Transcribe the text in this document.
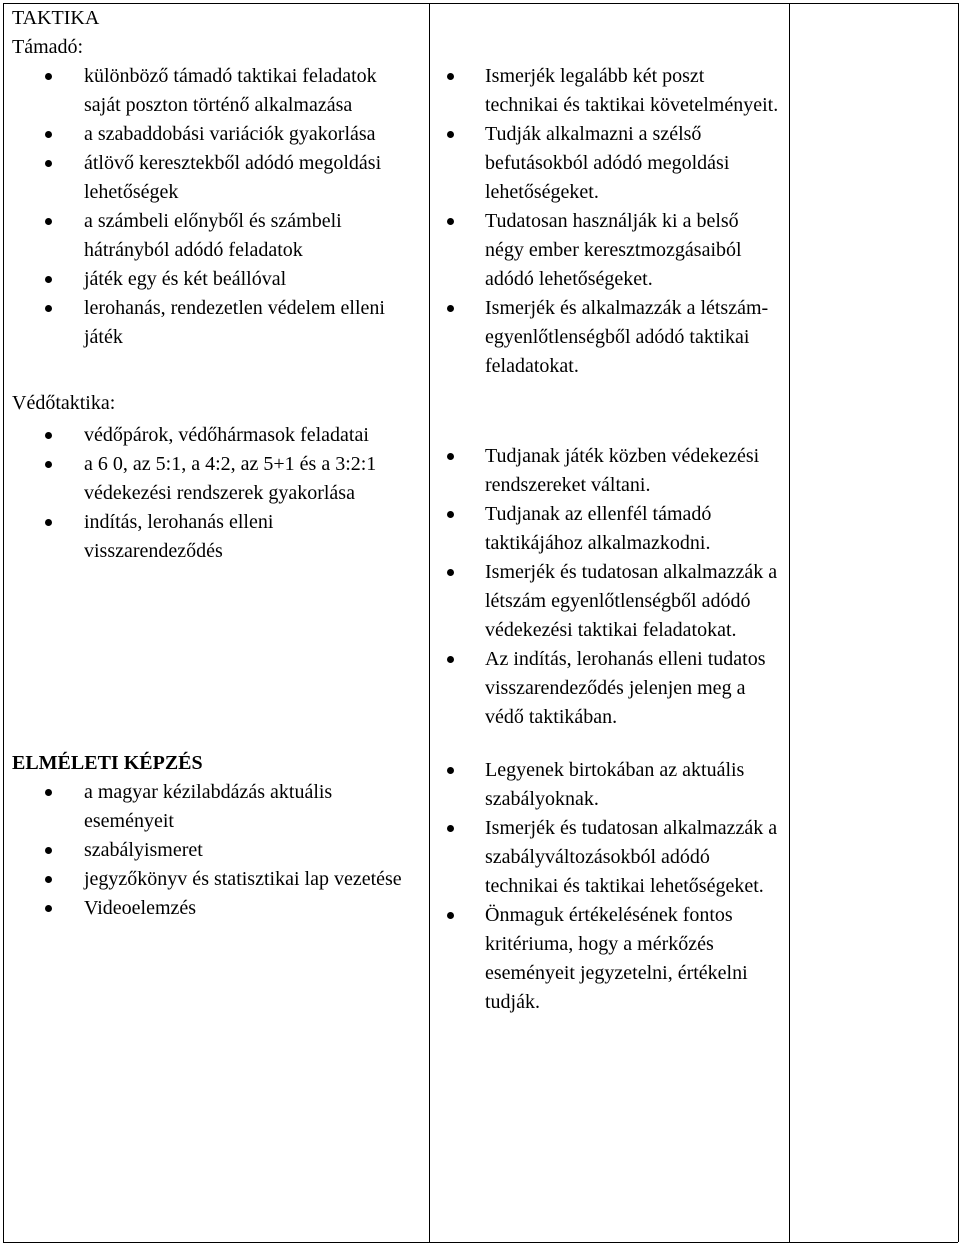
TAKTIKA
Támadó:
különböző támadó taktikai feladatok saját poszton történő alkalmazása
a szabaddobási variációk gyakorlása
átlövő keresztekből adódó megoldási lehetőségek
a számbeli előnyből és számbeli hátrányból adódó feladatok
játék egy és két beállóval
lerohanás, rendezetlen védelem elleni játék
Védőtaktika:
védőpárok, védőhármasok feladatai
a 6 0, az 5:1, a 4:2, az 5+1 és a 3:2:1 védekezési rendszerek gyakorlása
indítás, lerohanás elleni visszarendeződés
ELMÉLETI KÉPZÉS
a magyar kézilabdázás aktuális eseményeit
szabályismeret
jegyzőkönyv és statisztikai lap vezetése
Videoelemzés
Ismerjék legalább két poszt technikai és taktikai követelményeit.
Tudják alkalmazni a szélső befutásokból adódó megoldási lehetőségeket.
Tudatosan használják ki a belső négy ember keresztmozgásaiból adódó lehetőségeket.
Ismerjék és alkalmazzák a létszám-egyenlőtlenségből adódó taktikai feladatokat.
Tudjanak játék közben védekezési rendszereket váltani.
Tudjanak az ellenfél támadó taktikájához alkalmazkodni.
Ismerjék és tudatosan alkalmazzák a létszám egyenlőtlenségből adódó védekezési taktikai feladatokat.
Az indítás, lerohanás elleni tudatos visszarendeződés jelenjen meg a védő taktikában.
Legyenek birtokában az aktuális szabályoknak.
Ismerjék és tudatosan alkalmazzák a szabályváltozásokból adódó technikai és taktikai lehetőségeket.
Önmaguk értékelésének fontos kritériuma, hogy a mérkőzés eseményeit jegyzetelni, értékelni tudják.
